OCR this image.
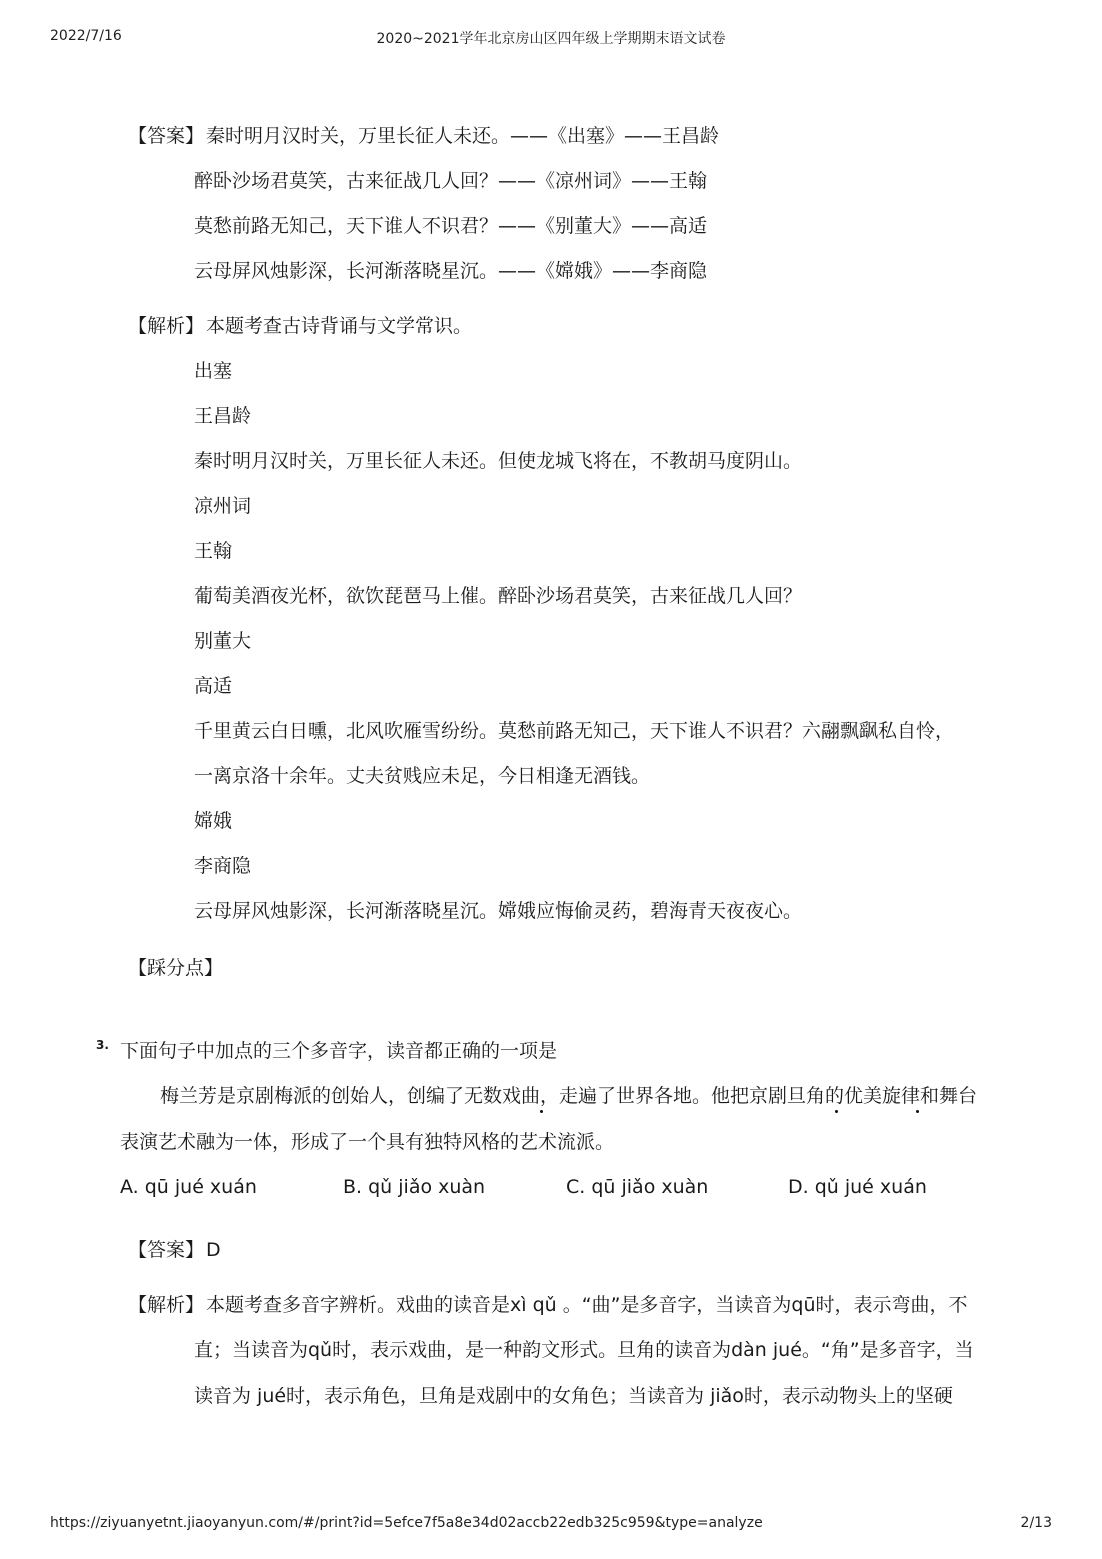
2022/7/16	2020~2021学年北京房山区四年级上学期期末语文试卷
【答案】 秦时明月汉时关，万里长征人未还。——《出塞》——王昌龄
醉卧沙场君莫笑，古来征战几人回？——《凉州词》——王翰
莫愁前路无知己，天下谁人不识君？——《别董大》——高适
云母屏风烛影深，长河渐落晓星沉。——《嫦娥》——李商隐
【解析】 本题考查古诗背诵与文学常识。
出塞
王昌龄
秦时明月汉时关，万里长征人未还。但使龙城飞将在，不教胡马度阴山。
凉州词
王翰
葡萄美酒夜光杯，欲饮琵琶马上催。醉卧沙场君莫笑，古来征战几人回？
别董大
高适
千里黄云白日曛，北风吹雁雪纷纷。莫愁前路无知己，天下谁人不识君？六翮飘飖私自怜，
一离京洛十余年。丈夫贫贱应未足，今日相逢无酒钱。
嫦娥
李商隐
云母屏风烛影深，长河渐落晓星沉。嫦娥应悔偷灵药，碧海青天夜夜心。
【踩分点】
3. 下面句子中加点的三个多音字，读音都正确的一项是
梅兰芳是京剧梅派的创始人，创编了无数戏曲，走遍了世界各地。他把京剧旦角的优美旋律和舞台
表演艺术融为一体，形成了一个具有独特风格的艺术流派。
A. qū jué xuán	B. qǔ jiǎo xuàn	C. qū jiǎo xuàn	D. qǔ jué xuán
【答案】 D
【解析】 本题考查多音字辨析。戏曲的读音是xì qǔ 。“曲”是多音字，当读音为qū时，表示弯曲，不
直；当读音为qǔ时，表示戏曲，是一种韵文形式。旦角的读音为dàn jué。“角”是多音字，当
读音为 jué时，表示角色，旦角是戏剧中的女角色；当读音为 jiǎo时，表示动物头上的坚硬
https://ziyuanyetnt.jiaoyanyun.com/#/print?id=5efce7f5a8e34d02accb22edb325c959&type=analyze	2/13
